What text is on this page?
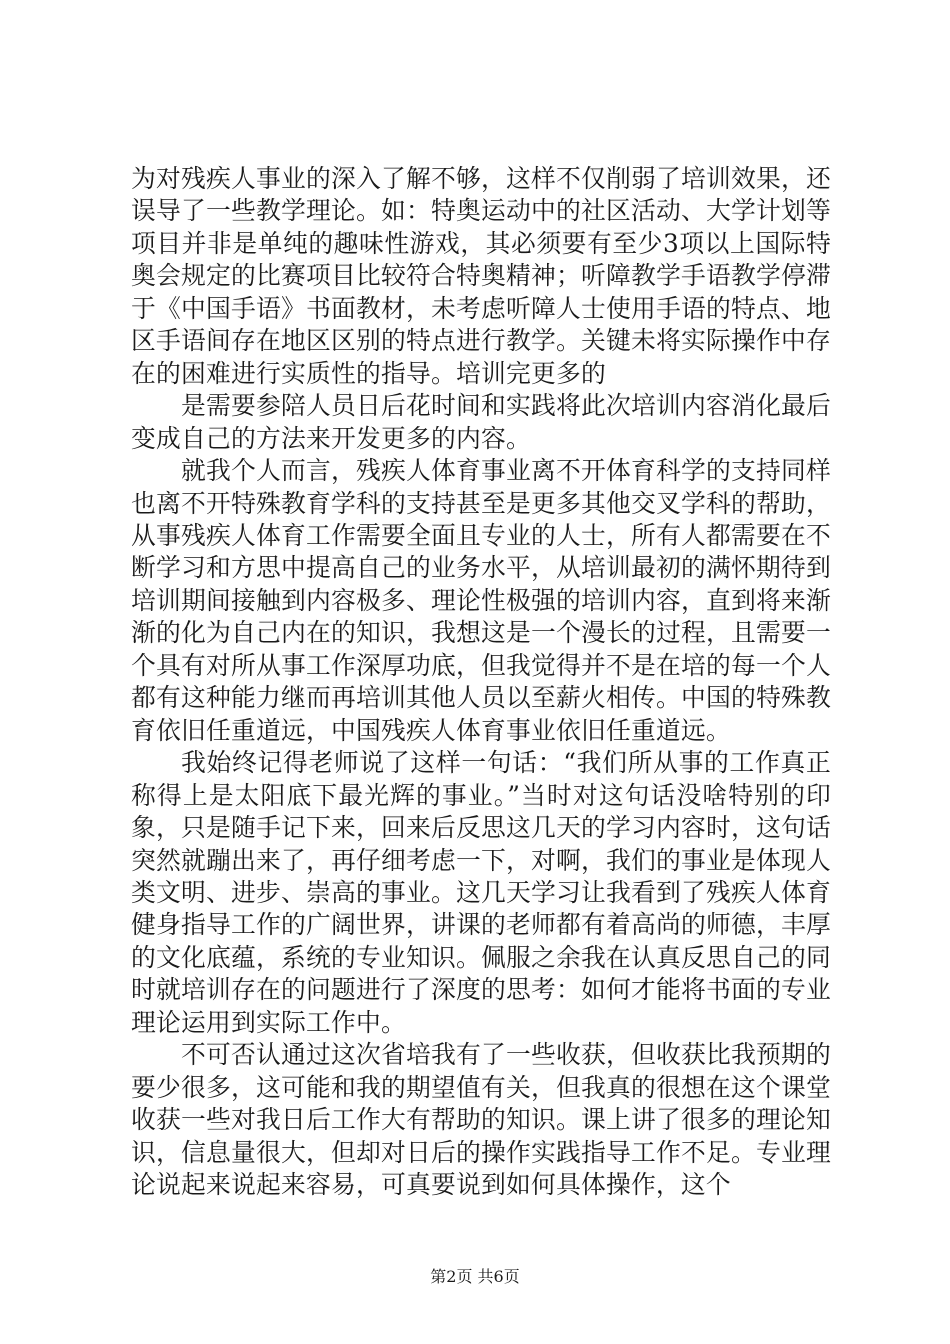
为对残疾人事业的深入了解不够，这样不仅削弱了培训效果，还误导了一些教学理论。如：特奥运动中的社区活动、大学计划等项目并非是单纯的趣味性游戏，其必须要有至少3项以上国际特奥会规定的比赛项目比较符合特奥精神；听障教学手语教学停滞于《中国手语》书面教材，未考虑听障人士使用手语的特点、地区手语间存在地区区别的特点进行教学。关键未将实际操作中存在的困难进行实质性的指导。培训完更多的

是需要参陪人员日后花时间和实践将此次培训内容消化最后变成自己的方法来开发更多的内容。

就我个人而言，残疾人体育事业离不开体育科学的支持同样也离不开特殊教育学科的支持甚至是更多其他交叉学科的帮助，从事残疾人体育工作需要全面且专业的人士，所有人都需要在不断学习和方思中提高自己的业务水平，从培训最初的满怀期待到培训期间接触到内容极多、理论性极强的培训内容，直到将来渐渐的化为自己内在的知识，我想这是一个漫长的过程，且需要一个具有对所从事工作深厚功底，但我觉得并不是在培的每一个人都有这种能力继而再培训其他人员以至薪火相传。中国的特殊教育依旧任重道远，中国残疾人体育事业依旧任重道远。

我始终记得老师说了这样一句话：“我们所从事的工作真正称得上是太阳底下最光辉的事业。”当时对这句话没啥特别的印象，只是随手记下来，回来后反思这几天的学习内容时，这句话突然就蹦出来了，再仔细考虑一下，对啊，我们的事业是体现人类文明、进步、崇高的事业。这几天学习让我看到了残疾人体育健身指导工作的广阔世界，讲课的老师都有着高尚的师德，丰厚的文化底蕴，系统的专业知识。佩服之余我在认真反思自己的同时就培训存在的问题进行了深度的思考：如何才能将书面的专业理论运用到实际工作中。

不可否认通过这次省培我有了一些收获，但收获比我预期的要少很多，这可能和我的期望值有关，但我真的很想在这个课堂收获一些对我日后工作大有帮助的知识。课上讲了很多的理论知识，信息量很大，但却对日后的操作实践指导工作不足。专业理论说起来说起来容易，可真要说到如何具体操作，这个

第2页 共6页
